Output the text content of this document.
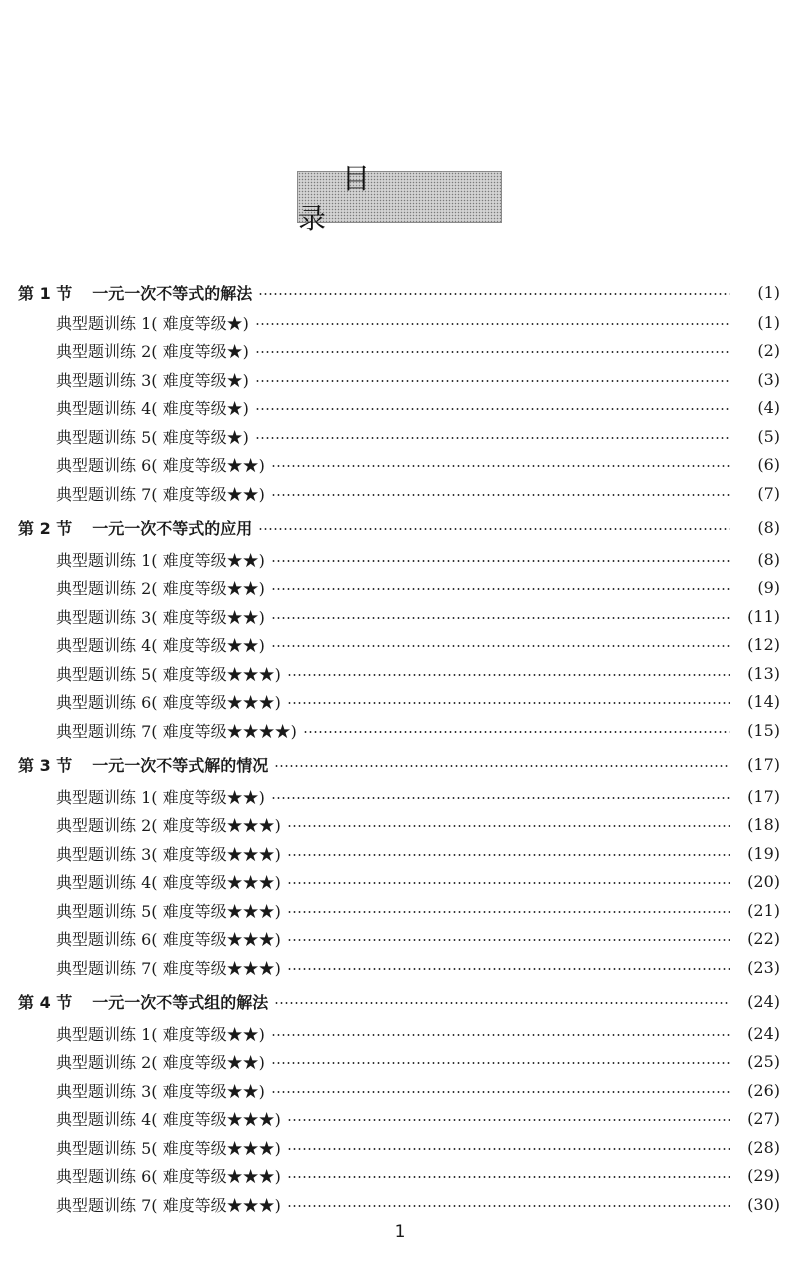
目 录
第 1 节 一元一次不等式的解法	(1)
典型题训练 1( 难度等级★)	(1)
典型题训练 2( 难度等级★)	(2)
典型题训练 3( 难度等级★)	(3)
典型题训练 4( 难度等级★)	(4)
典型题训练 5( 难度等级★)	(5)
典型题训练 6( 难度等级★★)	(6)
典型题训练 7( 难度等级★★)	(7)
第 2 节 一元一次不等式的应用	(8)
典型题训练 1( 难度等级★★)	(8)
典型题训练 2( 难度等级★★)	(9)
典型题训练 3( 难度等级★★)	(11)
典型题训练 4( 难度等级★★)	(12)
典型题训练 5( 难度等级★★★)	(13)
典型题训练 6( 难度等级★★★)	(14)
典型题训练 7( 难度等级★★★★)	(15)
第 3 节 一元一次不等式解的情况	(17)
典型题训练 1( 难度等级★★)	(17)
典型题训练 2( 难度等级★★★)	(18)
典型题训练 3( 难度等级★★★)	(19)
典型题训练 4( 难度等级★★★)	(20)
典型题训练 5( 难度等级★★★)	(21)
典型题训练 6( 难度等级★★★)	(22)
典型题训练 7( 难度等级★★★)	(23)
第 4 节 一元一次不等式组的解法	(24)
典型题训练 1( 难度等级★★)	(24)
典型题训练 2( 难度等级★★)	(25)
典型题训练 3( 难度等级★★)	(26)
典型题训练 4( 难度等级★★★)	(27)
典型题训练 5( 难度等级★★★)	(28)
典型题训练 6( 难度等级★★★)	(29)
典型题训练 7( 难度等级★★★)	(30)
1
